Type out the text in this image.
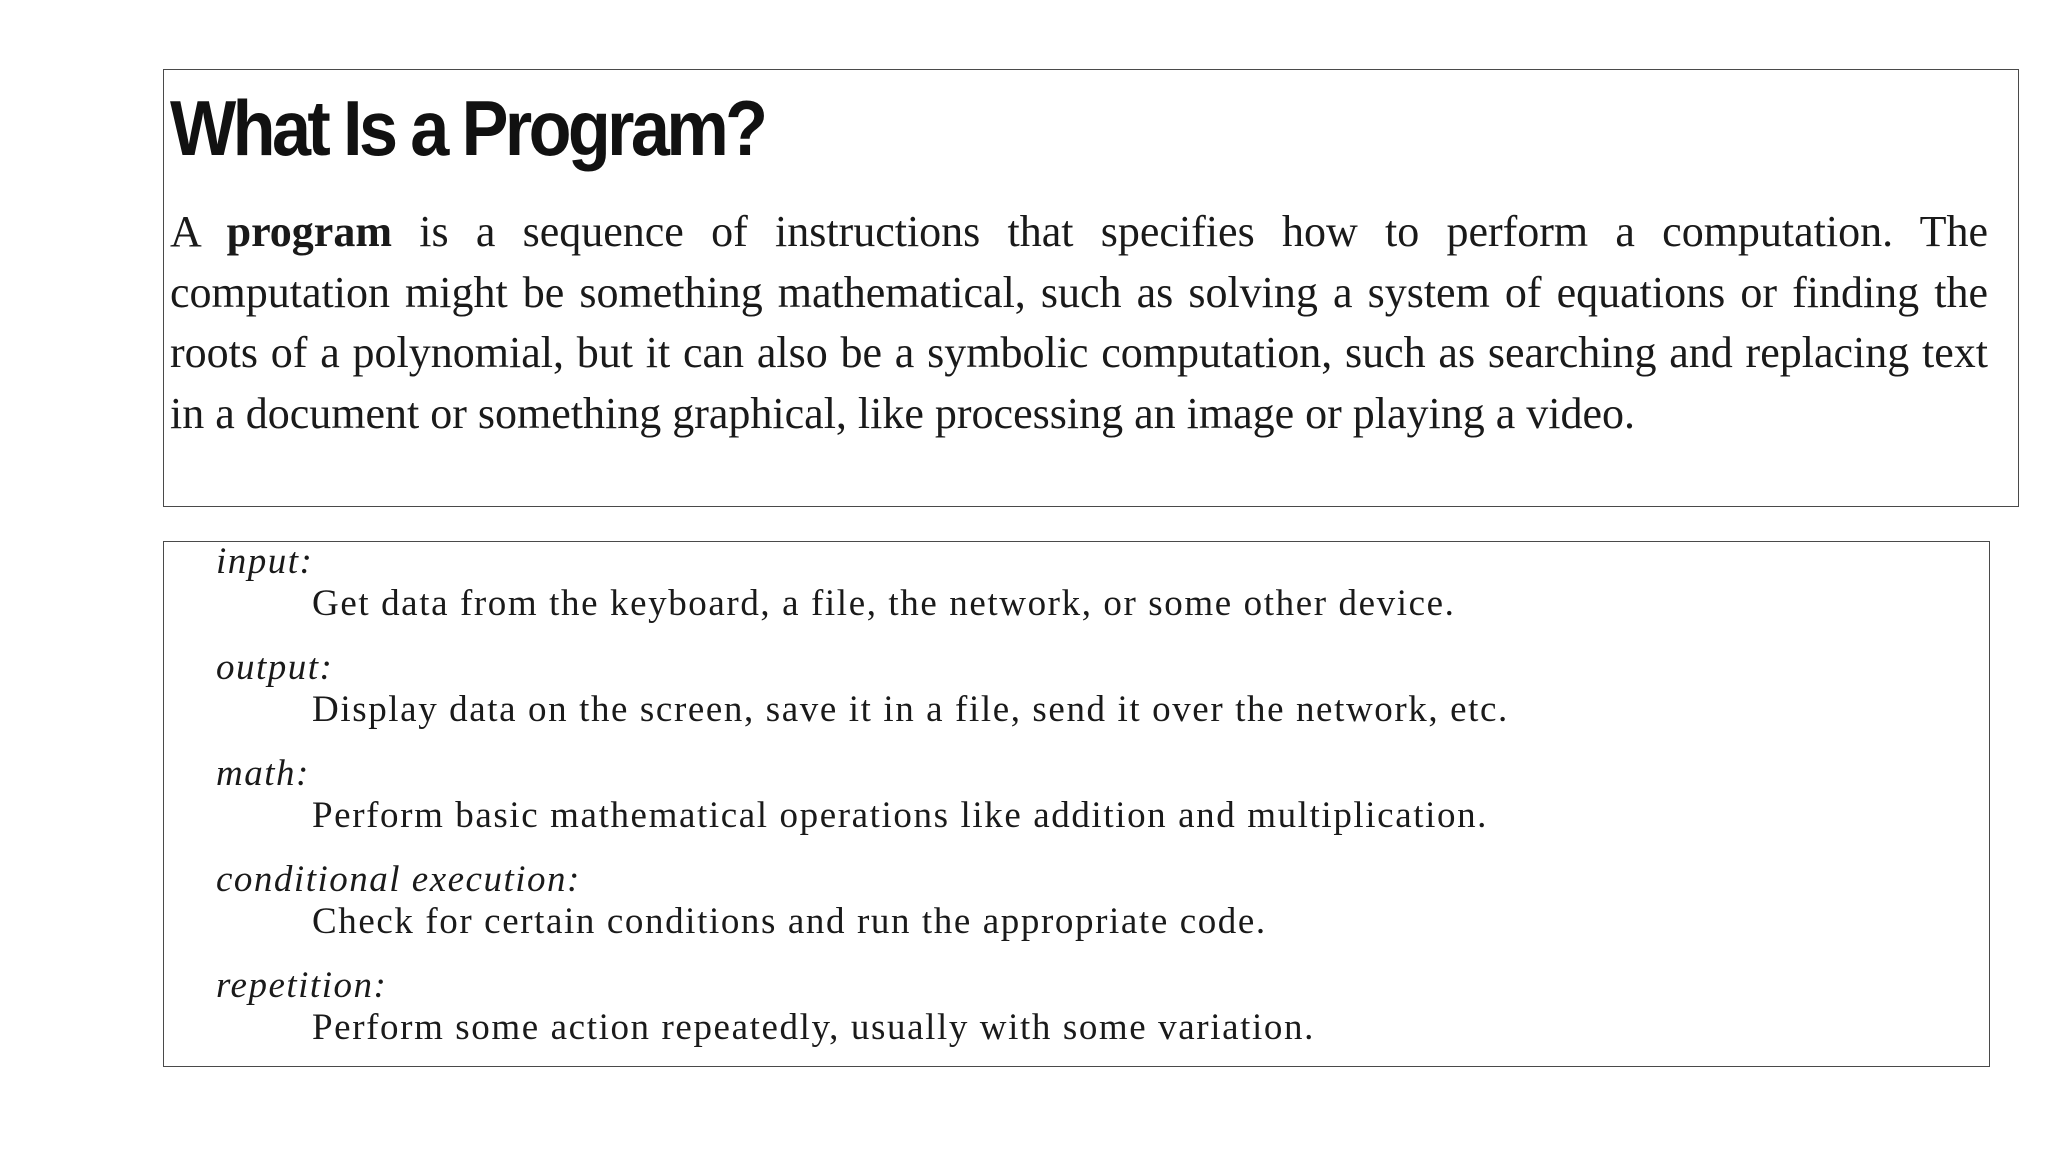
What Is a Program?

A program is a sequence of instructions that specifies how to perform a computation. The computation might be something mathematical, such as solving a system of equations or finding the roots of a polynomial, but it can also be a symbolic computation, such as searching and replacing text in a document or something graphical, like processing an image or playing a video.

input:
Get data from the keyboard, a file, the network, or some other device.
output:
Display data on the screen, save it in a file, send it over the network, etc.
math:
Perform basic mathematical operations like addition and multiplication.
conditional execution:
Check for certain conditions and run the appropriate code.
repetition:
Perform some action repeatedly, usually with some variation.
